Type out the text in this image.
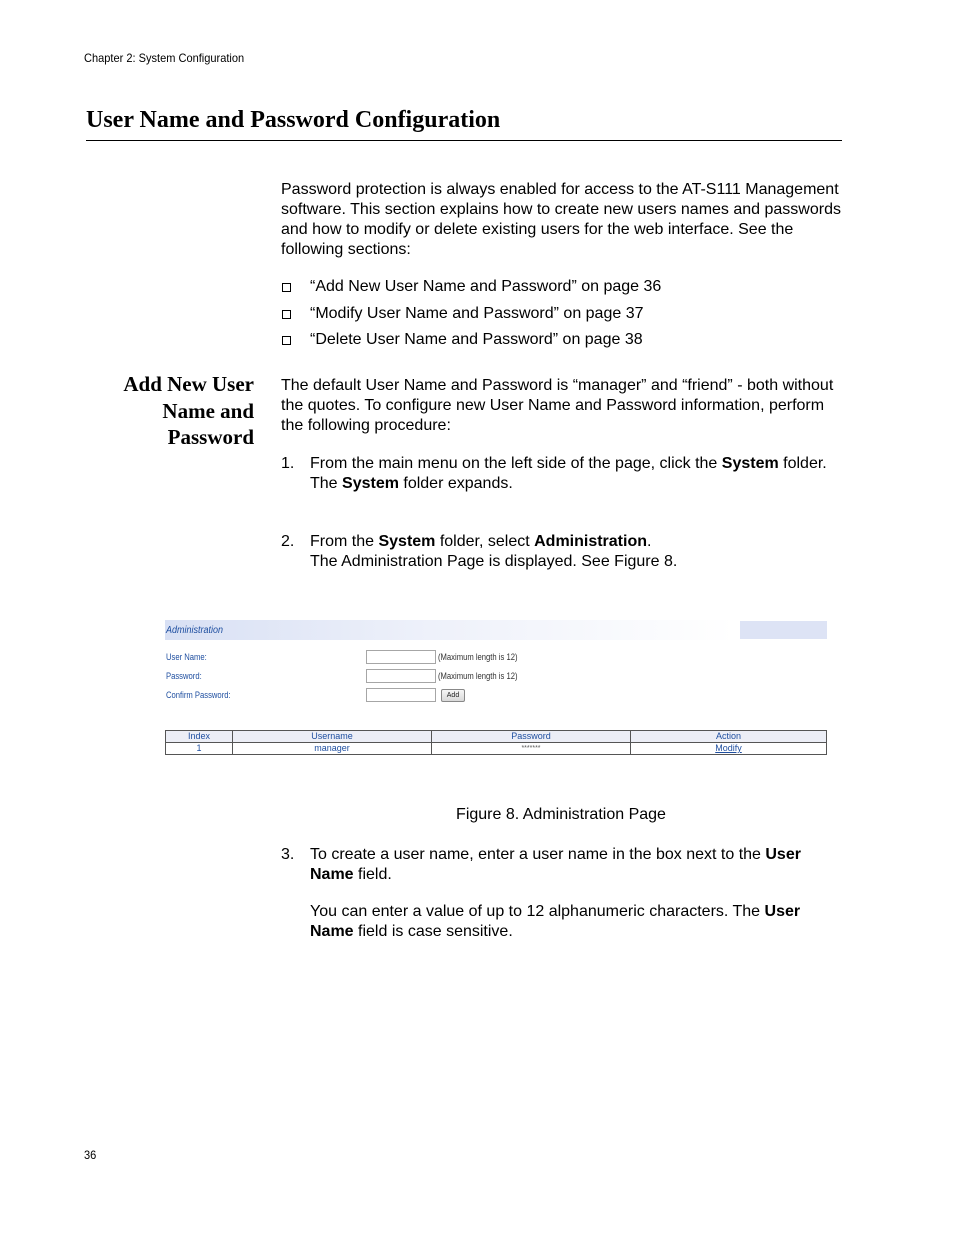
Chapter 2: System Configuration
User Name and Password Configuration
Password protection is always enabled for access to the AT-S111 Management software. This section explains how to create new users names and passwords and how to modify or delete existing users for the web interface. See the following sections:
“Add New User Name and Password” on page 36
“Modify User Name and Password” on page 37
“Delete User Name and Password” on page 38
Add New User
Name and
Password
The default User Name and Password is “manager” and “friend” - both without the quotes. To configure new User Name and Password information, perform the following procedure:
1. From the main menu on the left side of the page, click the System folder.
The System folder expands.
2. From the System folder, select Administration.
The Administration Page is displayed. See Figure 8.
Administration
User Name:	(Maximum length is 12)
Password:	(Maximum length is 12)
Confirm Password:	Add
Index	Username	Password	Action
1	manager	*******	Modify
Figure 8. Administration Page
3. To create a user name, enter a user name in the box next to the User Name field.
You can enter a value of up to 12 alphanumeric characters. The User Name field is case sensitive.
36
